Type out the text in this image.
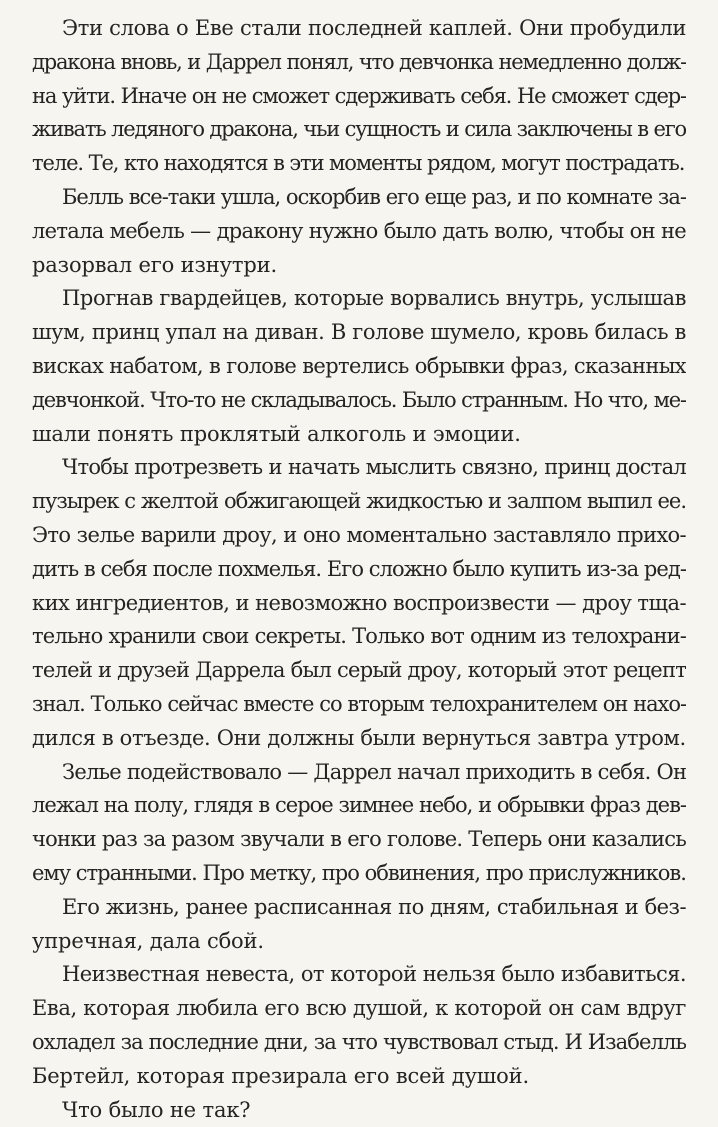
Эти слова о Еве стали последней каплей. Они пробудили
дракона вновь, и Даррел понял, что девчонка немедленно долж-
на уйти. Иначе он не сможет сдерживать себя. Не сможет сдер-
живать ледяного дракона, чьи сущность и сила заключены в его
теле. Те, кто находятся в эти моменты рядом, могут пострадать.
Белль все-таки ушла, оскорбив его еще раз, и по комнате за-
летала мебель — дракону нужно было дать волю, чтобы он не
разорвал его изнутри.
Прогнав гвардейцев, которые ворвались внутрь, услышав
шум, принц упал на диван. В голове шумело, кровь билась в
висках набатом, в голове вертелись обрывки фраз, сказанных
девчонкой. Что-то не складывалось. Было странным. Но что, ме-
шали понять проклятый алкоголь и эмоции.
Чтобы протрезветь и начать мыслить связно, принц достал
пузырек с желтой обжигающей жидкостью и залпом выпил ее.
Это зелье варили дроу, и оно моментально заставляло прихо-
дить в себя после похмелья. Его сложно было купить из-за ред-
ких ингредиентов, и невозможно воспроизвести — дроу тща-
тельно хранили свои секреты. Только вот одним из телохрани-
телей и друзей Даррела был серый дроу, который этот рецепт
знал. Только сейчас вместе со вторым телохранителем он нахо-
дился в отъезде. Они должны были вернуться завтра утром.
Зелье подействовало — Даррел начал приходить в себя. Он
лежал на полу, глядя в серое зимнее небо, и обрывки фраз дев-
чонки раз за разом звучали в его голове. Теперь они казались
ему странными. Про метку, про обвинения, про прислужников.
Его жизнь, ранее расписанная по дням, стабильная и без-
упречная, дала сбой.
Неизвестная невеста, от которой нельзя было избавиться.
Ева, которая любила его всю душой, к которой он сам вдруг
охладел за последние дни, за что чувствовал стыд. И Изабелль
Бертейл, которая презирала его всей душой.
Что было не так?
